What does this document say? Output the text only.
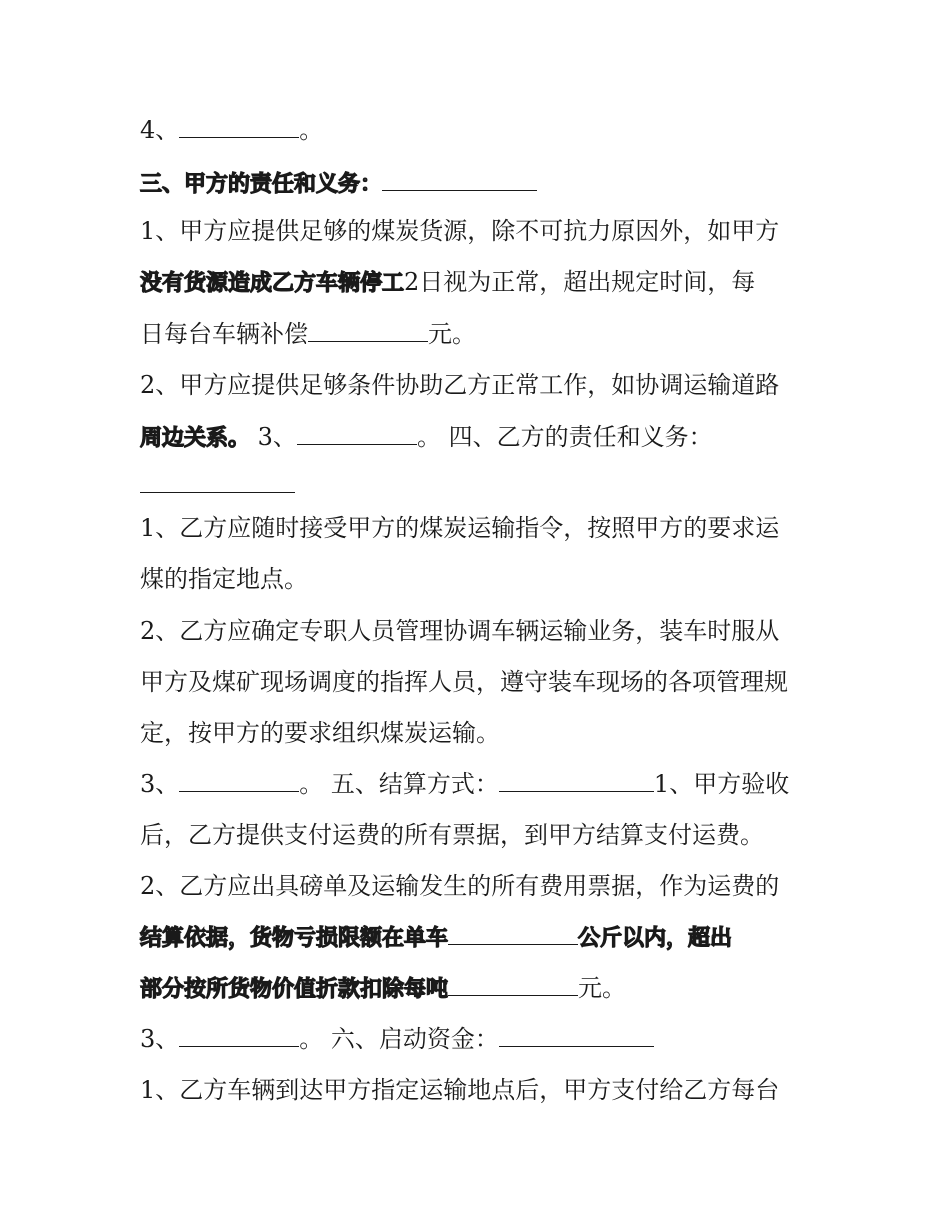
4、	。
三、甲方的责任和义务：
1、甲方应提供足够的煤炭货源，除不可抗力原因外，如甲方
没有货源造成乙方车辆停工2日视为正常，超出规定时间，每
日每台车辆补偿	元。
2、甲方应提供足够条件协助乙方正常工作，如协调运输道路
周边关系。 3、	。 四、乙方的责任和义务：
1、乙方应随时接受甲方的煤炭运输指令，按照甲方的要求运
煤的指定地点。
2、乙方应确定专职人员管理协调车辆运输业务，装车时服从
甲方及煤矿现场调度的指挥人员，遵守装车现场的各项管理规
定，按甲方的要求组织煤炭运输。
3、	。 五、结算方式：	1、甲方验收
后，乙方提供支付运费的所有票据，到甲方结算支付运费。
2、乙方应出具磅单及运输发生的所有费用票据，作为运费的
结算依据，货物亏损限额在单车	公斤以内，超出
部分按所货物价值折款扣除每吨	元。
3、	。 六、启动资金：
1、乙方车辆到达甲方指定运输地点后，甲方支付给乙方每台
